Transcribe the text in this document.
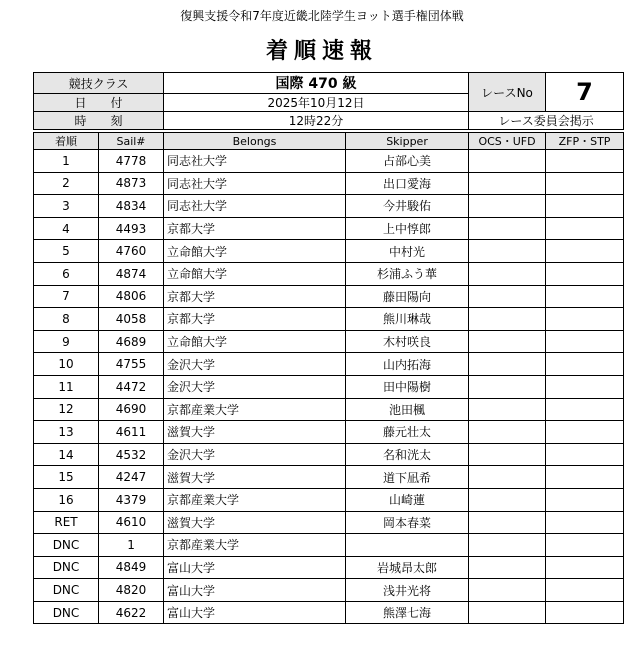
復興支援令和7年度近畿北陸学生ヨット選手権団体戦
着順速報
競技クラス		国際 470 級		レースNo	7
日　　付		2025年10月12日			
時　　刻		12時22分		レース委員会掲示	

着順	Sail#	Belongs	Skipper	OCS・UFD	ZFP・STP
1	4778	同志社大学	占部心美		
2	4873	同志社大学	出口愛海		
3	4834	同志社大学	今井駿佑		
4	4493	京都大学	上中惇郎		
5	4760	立命館大学	中村光		
6	4874	立命館大学	杉浦ふう華		
7	4806	京都大学	藤田陽向		
8	4058	京都大学	熊川琳哉		
9	4689	立命館大学	木村咲良		
10	4755	金沢大学	山内拓海		
11	4472	金沢大学	田中陽樹		
12	4690	京都産業大学	池田楓		
13	4611	滋賀大学	藤元壮太		
14	4532	金沢大学	名和洸太		
15	4247	滋賀大学	道下凪希		
16	4379	京都産業大学	山崎蓮		
RET	4610	滋賀大学	岡本春菜		
DNC	1	京都産業大学			
DNC	4849	富山大学	岩城昂太郎		
DNC	4820	富山大学	浅井光将		
DNC	4622	富山大学	熊澤七海		
